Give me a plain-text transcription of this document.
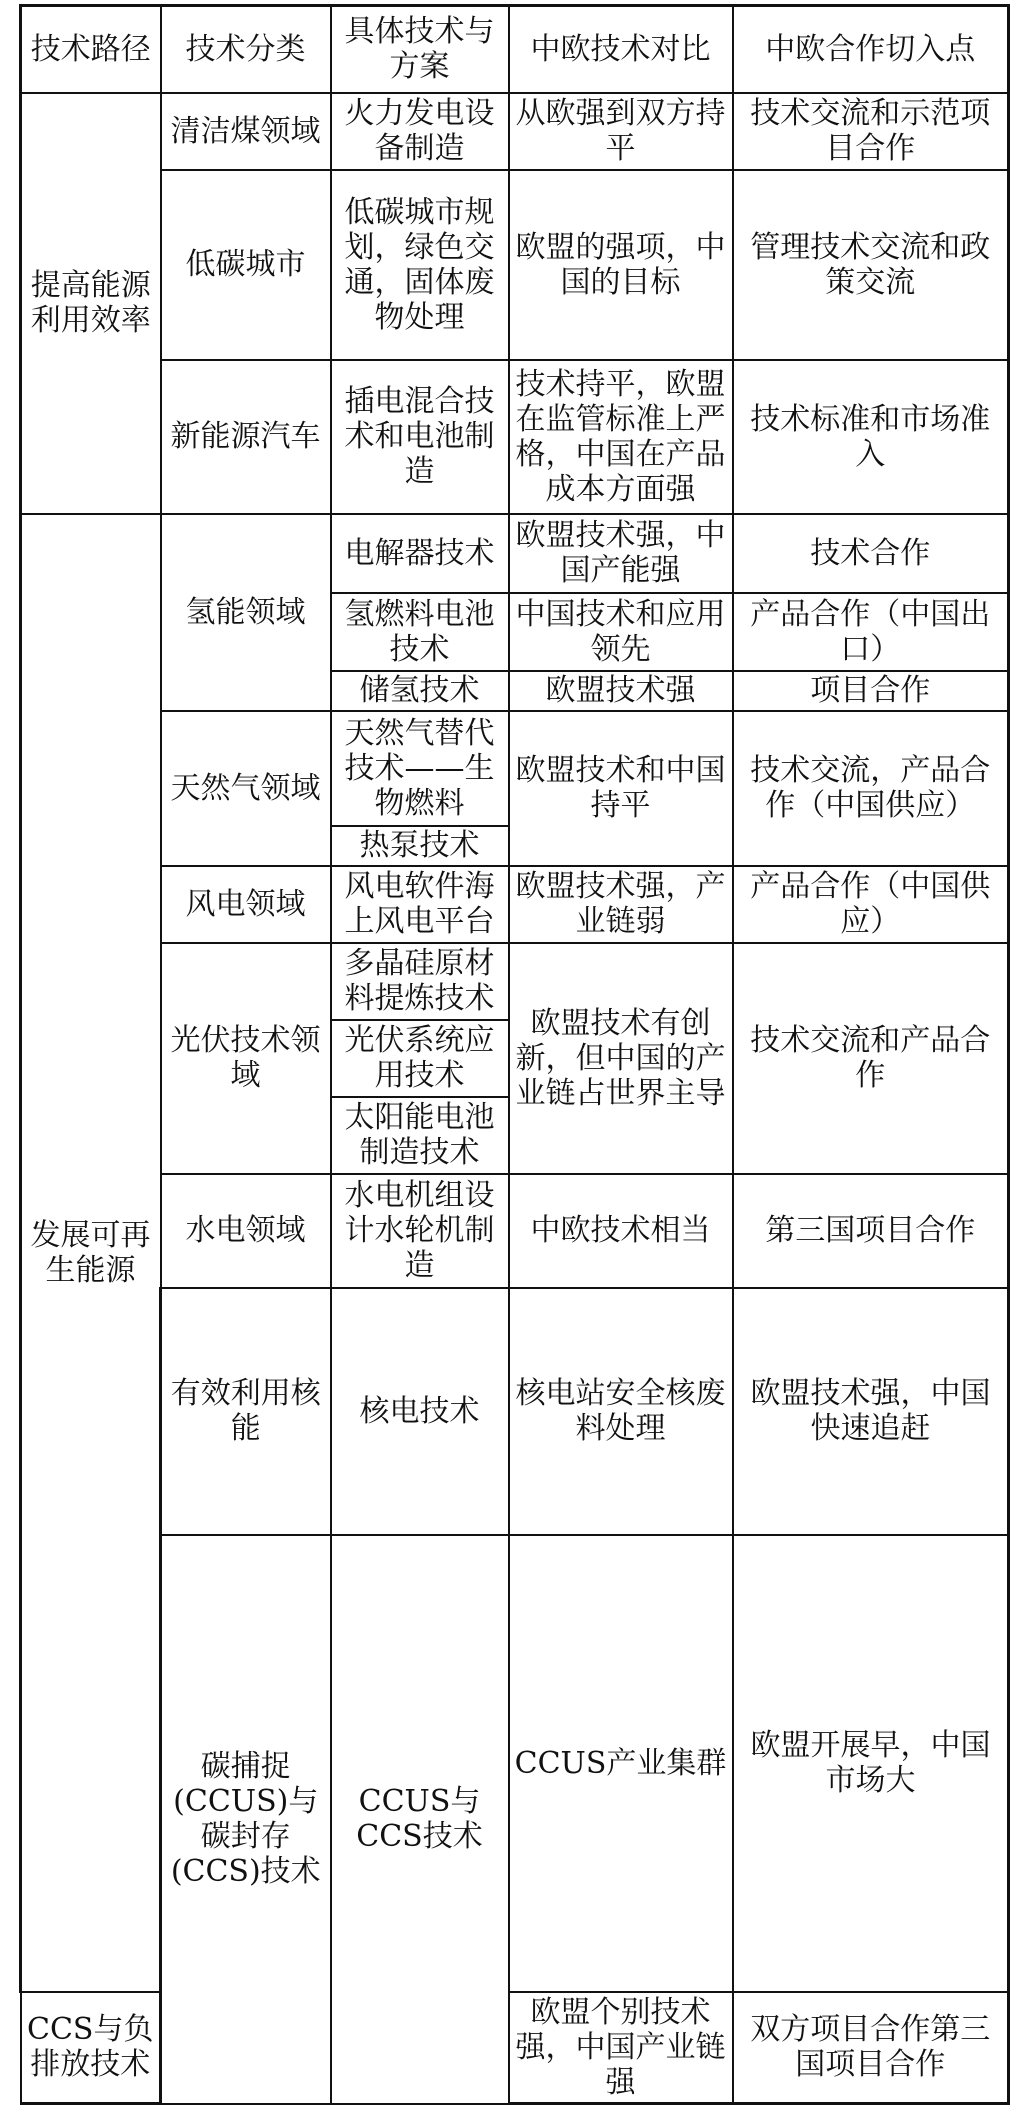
技术路径	技术分类	具体技术与方案	中欧技术对比	中欧合作切入点	
提高能源利用效率	清洁煤领域	火力发电设备制造	从欧强到双方持平	技术交流和示范项目合作	
	低碳城市	低碳城市规划，绿色交通，固体废物处理	欧盟的强项，中国的目标	管理技术交流和政策交流	
	新能源汽车	插电混合技术和电池制造	技术持平，欧盟在监管标准上严格，中国在产品成本方面强	技术标准和市场准入	
发展可再生能源	氢能领域	电解器技术	欧盟技术强，中国产能强	技术合作	
		氢燃料电池技术	中国技术和应用领先	产品合作（中国出口）	
		储氢技术	欧盟技术强	项目合作	
	天然气领域	天然气替代技术——生物燃料	欧盟技术和中国持平	技术交流，产品合作（中国供应）	
		热泵技术			
	风电领域	风电软件海上风电平台	欧盟技术强，产业链弱	产品合作（中国供应）	
	光伏技术领域	多晶硅原材料提炼技术	欧盟技术有创新，但中国的产业链占世界主导	技术交流和产品合作	
		光伏系统应用技术			
		太阳能电池制造技术			
	水电领域	水电机组设计水轮机制造	中欧技术相当	第三国项目合作	
	有效利用核能	核电技术	核电站安全核废料处理	欧盟技术强，中国快速追赶	
	碳捕捉(CCUS)与碳封存(CCS)技术	CCUS与CCS技术	CCUS产业集群	欧盟开展早，中国市场大	
CCS与负排放技术			欧盟个别技术强，中国产业链强	双方项目合作第三国项目合作	
